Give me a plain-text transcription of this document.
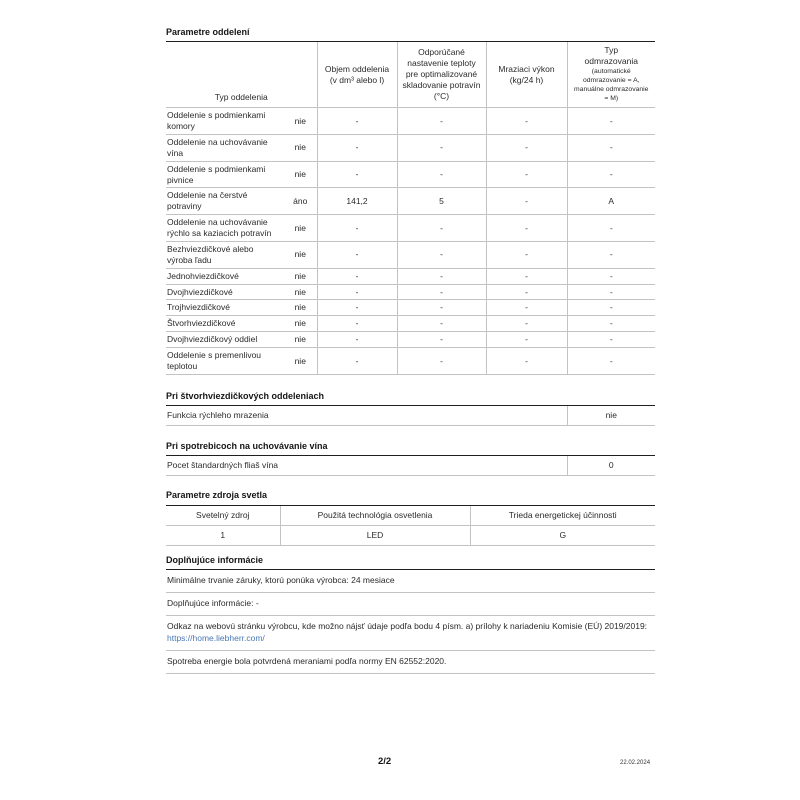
Parametre oddelení
Typ oddelenia		Objem oddelenia (v dm³ alebo l)	Odporúčané nastavenie teploty pre optimalizované skladovanie potravín (°C)	Mraziaci výkon (kg/24 h)	Typ odmrazovania
(automatické odmrazovanie = A, manuálne odmrazovanie = M)

Oddelenie s podmienkami komory	nie	-	-	-	-
Oddelenie na uchovávanie vína	nie	-	-	-	-
Oddelenie s podmienkami pivnice	nie	-	-	-	-
Oddelenie na čerstvé potraviny	áno	141,2	5	-	A
Oddelenie na uchovávanie rýchlo sa kaziacich potravín	nie	-	-	-	-
Bezhviezdičkové alebo výroba ľadu	nie	-	-	-	-
Jednohviezdičkové	nie	-	-	-	-
Dvojhviezdičkové	nie	-	-	-	-
Trojhviezdičkové	nie	-	-	-	-
Štvorhviezdičkové	nie	-	-	-	-
Dvojhviezdičkový oddiel	nie	-	-	-	-
Oddelenie s premenlivou teplotou	nie	-	-	-	-
Pri štvorhviezdičkových oddeleniach
Funkcia rýchleho mrazenia	nie
Pri spotrebicoch na uchovávanie vína
Pocet štandardných fliaš vína	0
Parametre zdroja svetla
Svetelný zdroj	Použitá technológia osvetlenia	Trieda energetickej účinnosti
1	LED	G
Doplňujúce informácie
Minimálne trvanie záruky, ktorú ponúka výrobca: 24 mesiace
Doplňujúce informácie: -
Odkaz na webovú stránku výrobcu, kde možno nájsť údaje podľa bodu 4 písm. a) prílohy k nariadeniu Komisie (EÚ) 2019/2019: https://home.liebherr.com/
Spotreba energie bola potvrdená meraniami podľa normy EN 62552:2020.
2/2	22.02.2024
